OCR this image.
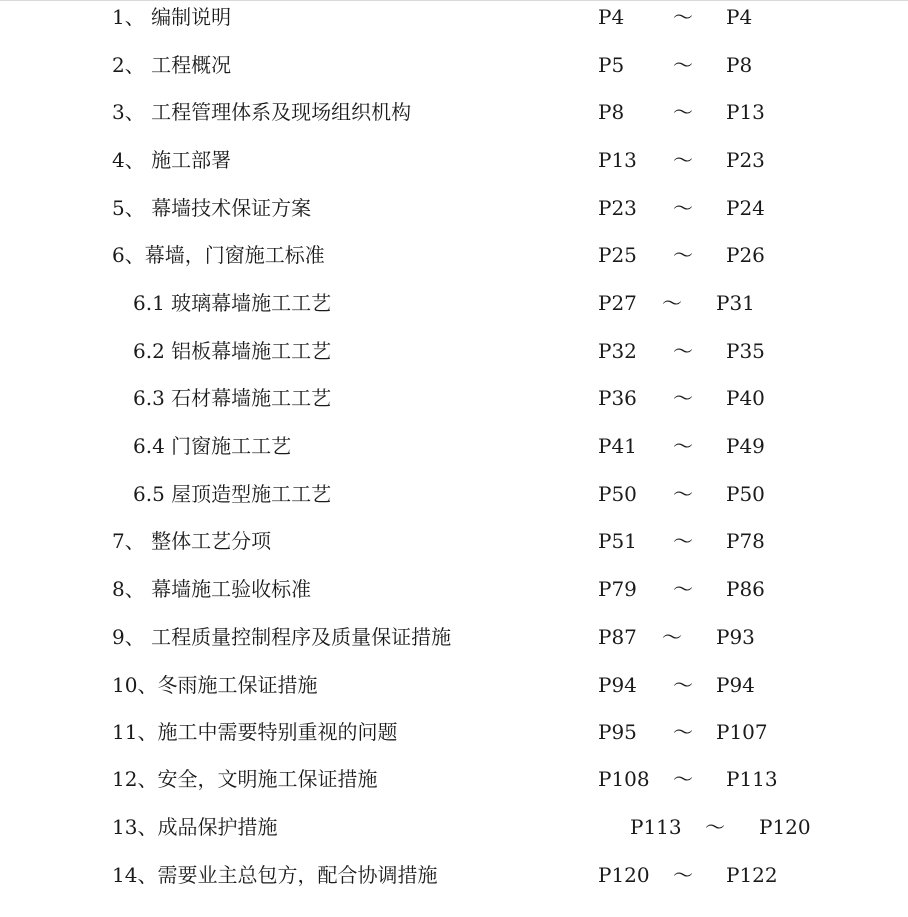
1、 编制说明	P4 ～ P4
2、 工程概况	P5 ～ P8
3、 工程管理体系及现场组织机构	P8 ～ P13
4、 施工部署	P13 ～ P23
5、 幕墙技术保证方案	P23 ～ P24
6、幕墙，门窗施工标准	P25 ～ P26
6.1 玻璃幕墙施工工艺	P27 ～ P31
6.2 铝板幕墙施工工艺	P32 ～ P35
6.3 石材幕墙施工工艺	P36 ～ P40
6.4 门窗施工工艺	P41 ～ P49
6.5 屋顶造型施工工艺	P50 ～ P50
7、 整体工艺分项	P51 ～ P78
8、 幕墙施工验收标准	P79 ～ P86
9、 工程质量控制程序及质量保证措施	P87 ～ P93
10、冬雨施工保证措施	P94 ～ P94
11、施工中需要特别重视的问题	P95 ～ P107
12、安全，文明施工保证措施	P108 ～ P113
13、成品保护措施	P113 ～ P120
14、需要业主总包方，配合协调措施	P120 ～ P122
